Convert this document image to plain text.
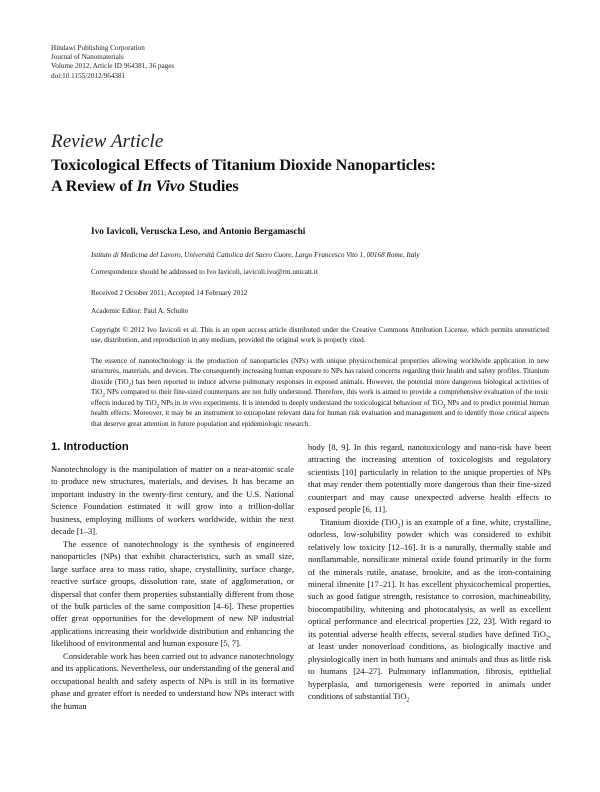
Hindawi Publishing Corporation
Journal of Nanomaterials
Volume 2012, Article ID 964381, 36 pages
doi:10.1155/2012/964381
Review Article
Toxicological Effects of Titanium Dioxide Nanoparticles:
A Review of In Vivo Studies
Ivo Iavicoli, Veruscka Leso, and Antonio Bergamaschi
Istituto di Medicina del Lavoro, Università Cattolica del Sacro Cuore, Largo Francesco Vito 1, 00168 Rome, Italy
Correspondence should be addressed to Ivo Iavicoli, iavicoli.ivo@rm.unicatt.it
Received 2 October 2011; Accepted 14 February 2012
Academic Editor: Paul A. Schulte
Copyright © 2012 Ivo Iavicoli et al. This is an open access article distributed under the Creative Commons Attribution License, which permits unrestricted use, distribution, and reproduction in any medium, provided the original work is properly cited.
The essence of nanotechnology is the production of nanoparticles (NPs) with unique physicochemical properties allowing worldwide application in new structures, materials, and devices. The consequently increasing human exposure to NPs has raised concerns regarding their health and safety profiles. Titanium dioxide (TiO$_2$) has been reported to induce adverse pulmonary responses in exposed animals. However, the potential more dangerous biological activities of TiO$_2$ NPs compared to their fine-sized counterparts are not fully understood. Therefore, this work is aimed to provide a comprehensive evaluation of the toxic effects induced by TiO$_2$ NPs in in vivo experiments. It is intended to deeply understand the toxicological behaviour of TiO$_2$ NPs and to predict potential human health effects. Moreover, it may be an instrument to extrapolate relevant data for human risk evaluation and management and to identify those critical aspects that deserve great attention in future population and epidemiologic research.
1. Introduction

Nanotechnology is the manipulation of matter on a near-atomic scale to produce new structures, materials, and devises. It has became an important industry in the twenty-first century, and the U.S. National Science Foundation estimated it will grow into a trillion-dollar business, employing millions of workers worldwide, within the next decade [1–3].

The essence of nanotechnology is the synthesis of engineered nanoparticles (NPs) that exhibit characteristics, such as small size, large surface area to mass ratio, shape, crystallinity, surface charge, reactive surface groups, dissolution rate, state of agglomeration, or dispersal that confer them properties substantially different from those of the bulk particles of the same composition [4–6]. These properties offer great opportunities for the development of new NP industrial applications increasing their worldwide distribution and enhancing the likelihood of environmental and human exposure [5, 7].

Considerable work has been carried out to advance nanotechnology and its applications. Nevertheless, our understanding of the general and occupational health and safety aspects of NPs is still in its formative phase and greater effort is needed to understand how NPs interact with the human

body [8, 9]. In this regard, nanotoxicology and nano-risk have been attracting the increasing attention of toxicologists and regulatory scientists [10] particularly in relation to the unique properties of NPs that may render them potentially more dangerous than their fine-sized counterpart and may cause unexpected adverse health effects to exposed people [6, 11].

Titanium dioxide (TiO$_2$) is an example of a fine, white, crystalline, odorless, low-solubility powder which was considered to exhibit relatively low toxicity [12–16]. It is a naturally, thermally stable and nonflammable, nonsilicate mineral oxide found primarily in the form of the minerals rutile, anatase, brookite, and as the iron-containing mineral ilmenite [17–21]. It has excellent physicochemical properties, such as good fatigue strength, resistance to corrosion, machineability, biocompatibility, whitening and photocatalysis, as well as excellent optical performance and electrical properties [22, 23]. With regard to its potential adverse health effects, several studies have defined TiO$_2$, at least under nonoverload conditions, as biologically inactive and physiologically inert in both humans and animals and thus as little risk to humans [24–27]. Pulmonary inflammation, fibrosis, epithelial hyperplasia, and tumorigenesis were reported in animals under conditions of substantial TiO$_2$
